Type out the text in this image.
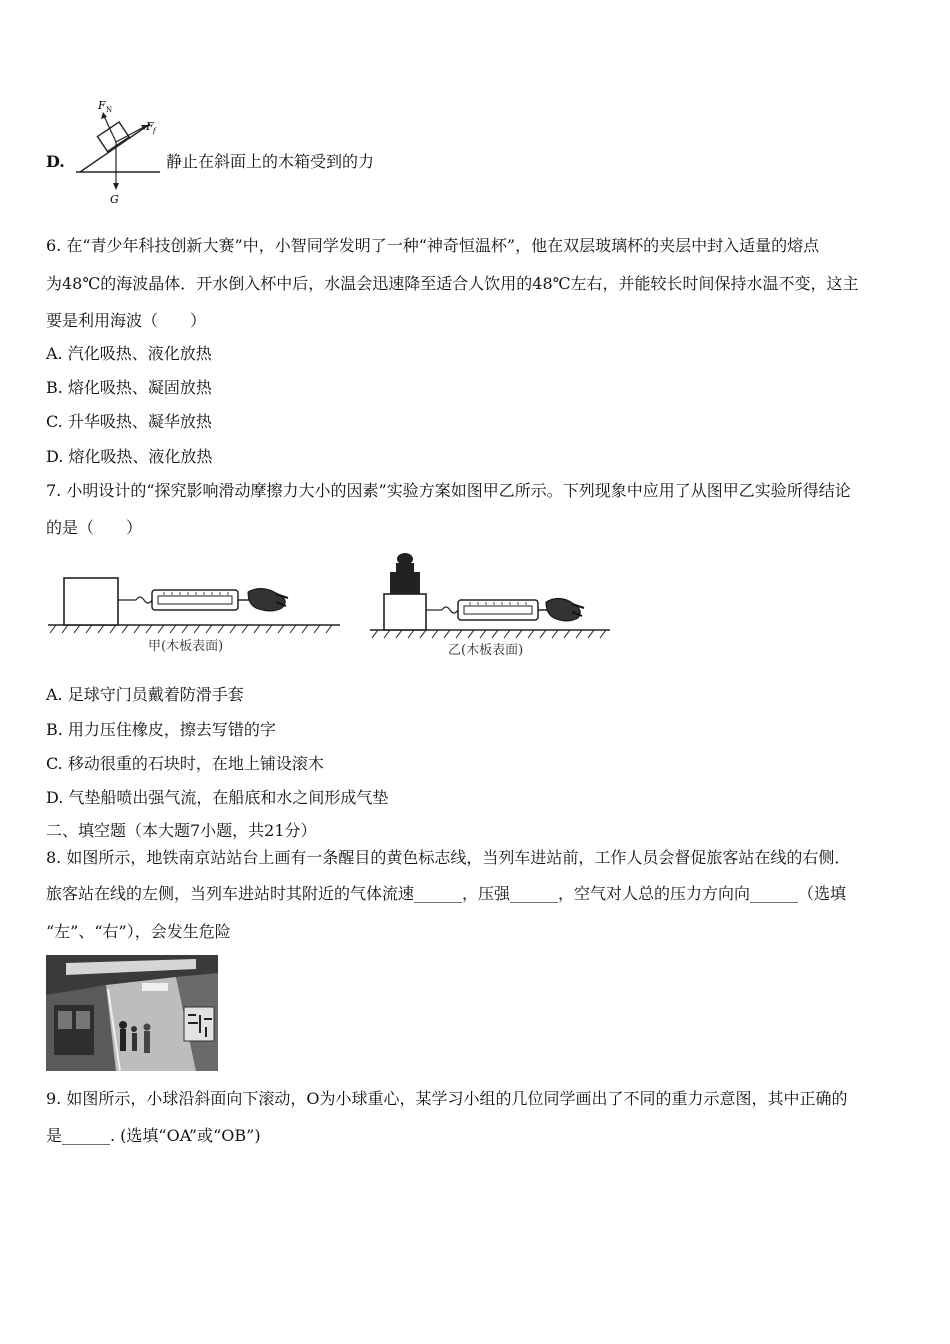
F N
F f
G
D.	静止在斜面上的木箱受到的力
6. 在“青少年科技创新大赛”中，小智同学发明了一种“神奇恒温杯”，他在双层玻璃杯的夹层中封入适量的熔点
为48℃的海波晶体．开水倒入杯中后，水温会迅速降至适合人饮用的48℃左右，并能较长时间保持水温不变，这主
要是利用海波（　　）
A. 汽化吸热、液化放热
B. 熔化吸热、凝固放热
C. 升华吸热、凝华放热
D. 熔化吸热、液化放热
7. 小明设计的“探究影响滑动摩擦力大小的因素”实验方案如图甲乙所示。下列现象中应用了从图甲乙实验所得结论
的是（　　）
甲(木板表面)	乙(木板表面)
A. 足球守门员戴着防滑手套
B. 用力压住橡皮，擦去写错的字
C. 移动很重的石块时，在地上铺设滚木
D. 气垫船喷出强气流，在船底和水之间形成气垫
二、填空题（本大题7小题，共21分）
8. 如图所示，地铁南京站站台上画有一条醒目的黄色标志线，当列车进站前，工作人员会督促旅客站在线的右侧．
旅客站在线的左侧，当列车进站时其附近的气体流速______，压强______，空气对人总的压力方向向______（选填
“左”、“右”），会发生危险
9. 如图所示，小球沿斜面向下滚动，O为小球重心，某学习小组的几位同学画出了不同的重力示意图，其中正确的
是______. (选填“OA”或“OB”)
